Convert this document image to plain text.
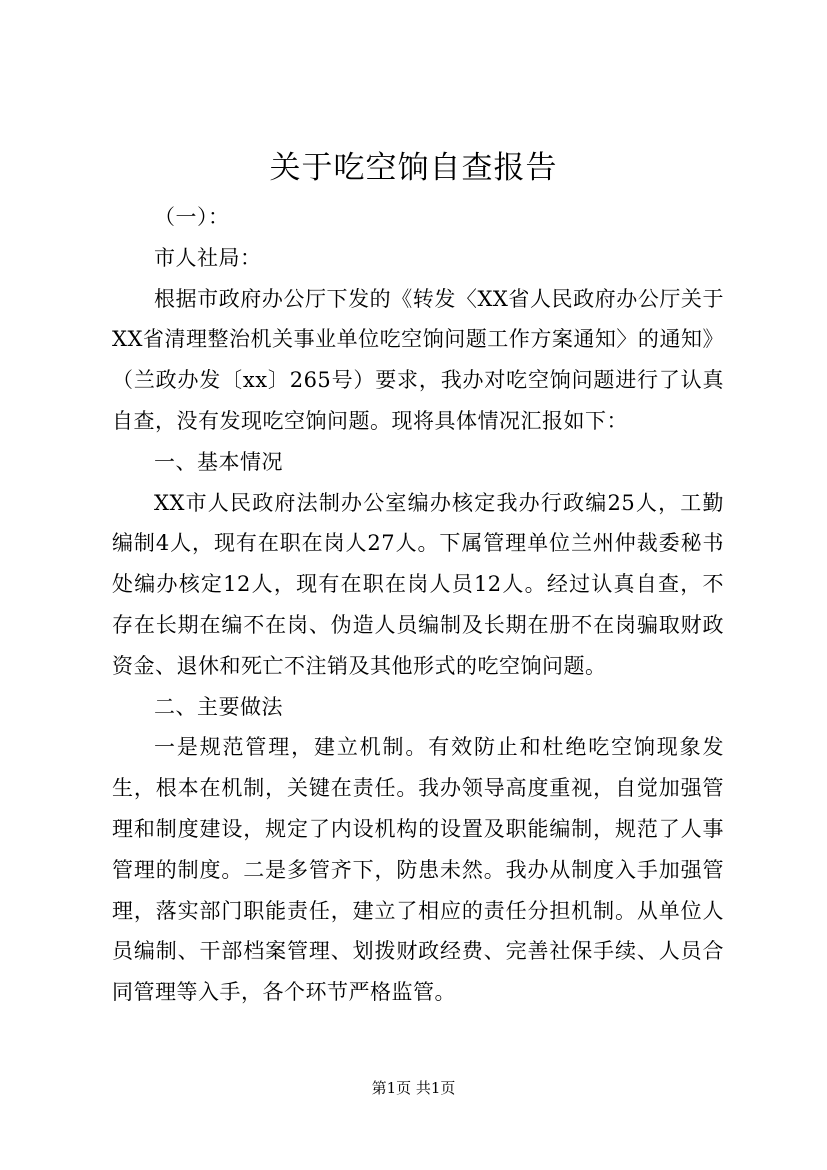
关于吃空饷自查报告

（一）：

市人社局：

根据市政府办公厅下发的《转发〈XX省人民政府办公厅关于XX省清理整治机关事业单位吃空饷问题工作方案通知〉的通知》（兰政办发〔xx〕265号）要求，我办对吃空饷问题进行了认真自查，没有发现吃空饷问题。现将具体情况汇报如下：

一、基本情况

XX市人民政府法制办公室编办核定我办行政编25人，工勤编制4人，现有在职在岗人27人。下属管理单位兰州仲裁委秘书处编办核定12人，现有在职在岗人员12人。经过认真自查，不存在长期在编不在岗、伪造人员编制及长期在册不在岗骗取财政资金、退休和死亡不注销及其他形式的吃空饷问题。

二、主要做法

一是规范管理，建立机制。有效防止和杜绝吃空饷现象发生，根本在机制，关键在责任。我办领导高度重视，自觉加强管理和制度建设，规定了内设机构的设置及职能编制，规范了人事管理的制度。二是多管齐下，防患未然。我办从制度入手加强管理，落实部门职能责任，建立了相应的责任分担机制。从单位人员编制、干部档案管理、划拨财政经费、完善社保手续、人员合同管理等入手，各个环节严格监管。

第1页 共1页
